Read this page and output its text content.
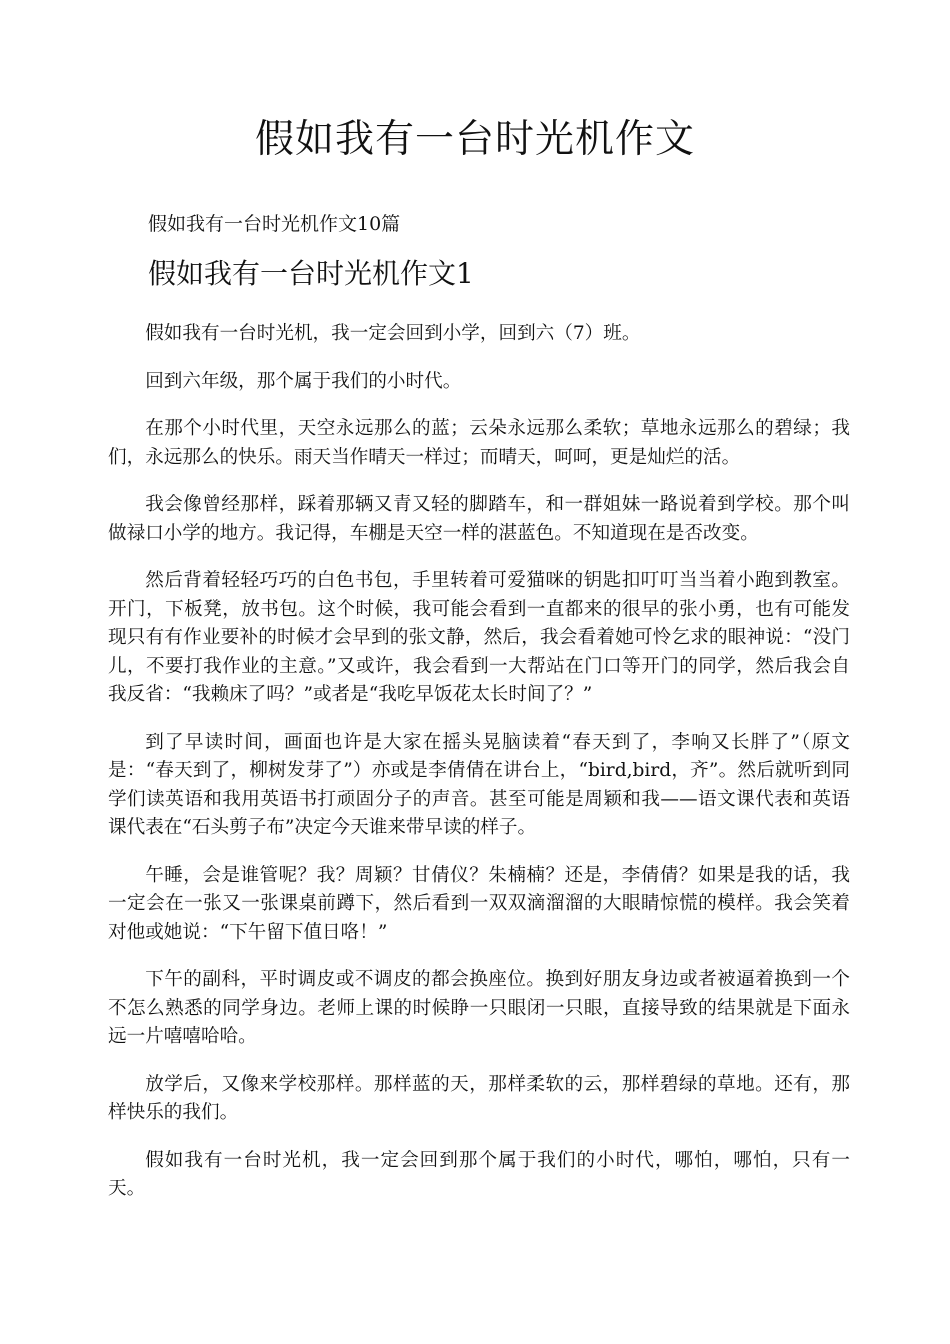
假如我有一台时光机作文

假如我有一台时光机作文10篇

假如我有一台时光机作文1

假如我有一台时光机，我一定会回到小学，回到六（7）班。

回到六年级，那个属于我们的小时代。

在那个小时代里，天空永远那么的蓝；云朵永远那么柔软；草地永远那么的碧绿；我们，永远那么的快乐。雨天当作晴天一样过；而晴天，呵呵，更是灿烂的活。

我会像曾经那样，踩着那辆又青又轻的脚踏车，和一群姐妹一路说着到学校。那个叫做禄口小学的地方。我记得，车棚是天空一样的湛蓝色。不知道现在是否改变。

然后背着轻轻巧巧的白色书包，手里转着可爱猫咪的钥匙扣叮叮当当着小跑到教室。开门，下板凳，放书包。这个时候，我可能会看到一直都来的很早的张小勇，也有可能发现只有有作业要补的时候才会早到的张文静，然后，我会看着她可怜乞求的眼神说：“没门儿，不要打我作业的主意。”又或许，我会看到一大帮站在门口等开门的同学，然后我会自我反省：“我赖床了吗？”或者是“我吃早饭花太长时间了？”

到了早读时间，画面也许是大家在摇头晃脑读着“春天到了，李响又长胖了”（原文是：“春天到了，柳树发芽了”）亦或是李倩倩在讲台上，“bird,bird，齐”。然后就听到同学们读英语和我用英语书打顽固分子的声音。甚至可能是周颖和我——语文课代表和英语课代表在“石头剪子布”决定今天谁来带早读的样子。

午睡，会是谁管呢？我？周颖？甘倩仪？朱楠楠？还是，李倩倩？如果是我的话，我一定会在一张又一张课桌前蹲下，然后看到一双双滴溜溜的大眼睛惊慌的模样。我会笑着对他或她说：“下午留下值日咯！”

下午的副科，平时调皮或不调皮的都会换座位。换到好朋友身边或者被逼着换到一个不怎么熟悉的同学身边。老师上课的时候睁一只眼闭一只眼，直接导致的结果就是下面永远一片嘻嘻哈哈。

放学后，又像来学校那样。那样蓝的天，那样柔软的云，那样碧绿的草地。还有，那样快乐的我们。

假如我有一台时光机，我一定会回到那个属于我们的小时代，哪怕，哪怕，只有一天。
